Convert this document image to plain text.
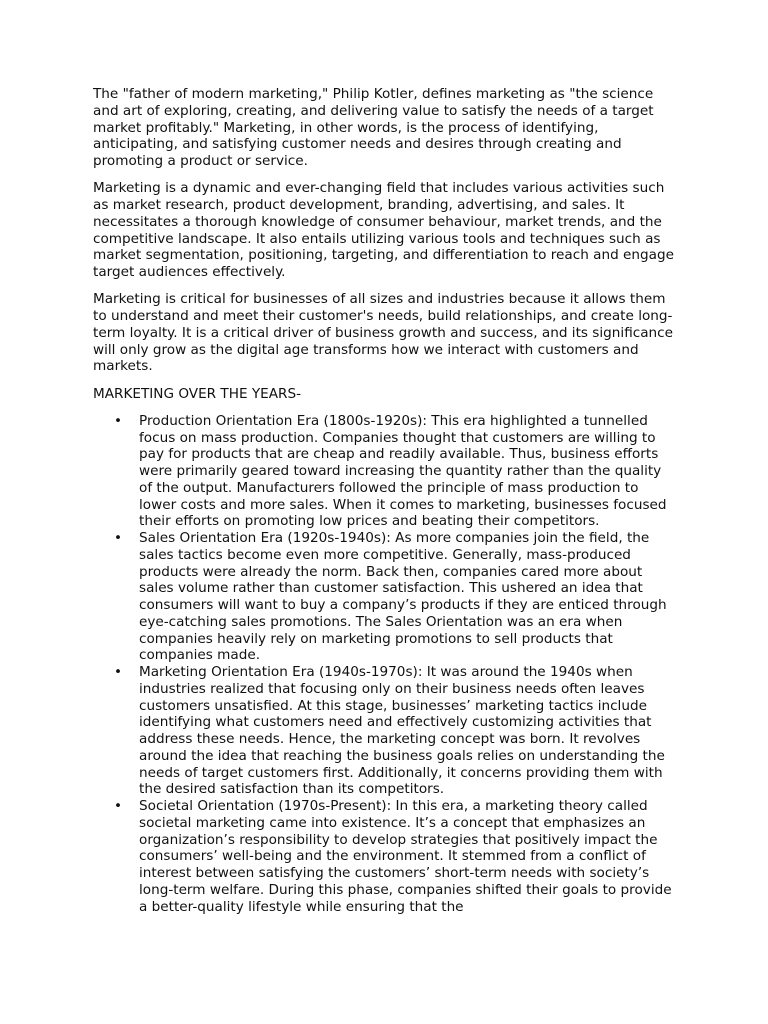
The "father of modern marketing," Philip Kotler, defines marketing as "the science and art of exploring, creating, and delivering value to satisfy the needs of a target market profitably." Marketing, in other words, is the process of identifying, anticipating, and satisfying customer needs and desires through creating and promoting a product or service.

Marketing is a dynamic and ever-changing field that includes various activities such as market research, product development, branding, advertising, and sales. It necessitates a thorough knowledge of consumer behaviour, market trends, and the competitive landscape. It also entails utilizing various tools and techniques such as market segmentation, positioning, targeting, and differentiation to reach and engage target audiences effectively.

Marketing is critical for businesses of all sizes and industries because it allows them to understand and meet their customer's needs, build relationships, and create long-term loyalty. It is a critical driver of business growth and success, and its significance will only grow as the digital age transforms how we interact with customers and markets.

MARKETING OVER THE YEARS-

• Production Orientation Era (1800s-1920s): This era highlighted a tunnelled focus on mass production. Companies thought that customers are willing to pay for products that are cheap and readily available. Thus, business efforts were primarily geared toward increasing the quantity rather than the quality of the output. Manufacturers followed the principle of mass production to lower costs and more sales. When it comes to marketing, businesses focused their efforts on promoting low prices and beating their competitors.
• Sales Orientation Era (1920s-1940s): As more companies join the field, the sales tactics become even more competitive. Generally, mass-produced products were already the norm. Back then, companies cared more about sales volume rather than customer satisfaction. This ushered an idea that consumers will want to buy a company’s products if they are enticed through eye-catching sales promotions. The Sales Orientation was an era when companies heavily rely on marketing promotions to sell products that companies made.
• Marketing Orientation Era (1940s-1970s): It was around the 1940s when industries realized that focusing only on their business needs often leaves customers unsatisfied. At this stage, businesses’ marketing tactics include identifying what customers need and effectively customizing activities that address these needs. Hence, the marketing concept was born. It revolves around the idea that reaching the business goals relies on understanding the needs of target customers first. Additionally, it concerns providing them with the desired satisfaction than its competitors.
• Societal Orientation (1970s-Present): In this era, a marketing theory called societal marketing came into existence. It’s a concept that emphasizes an organization’s responsibility to develop strategies that positively impact the consumers’ well-being and the environment. It stemmed from a conflict of interest between satisfying the customers’ short-term needs with society’s long-term welfare. During this phase, companies shifted their goals to provide a better-quality lifestyle while ensuring that the
